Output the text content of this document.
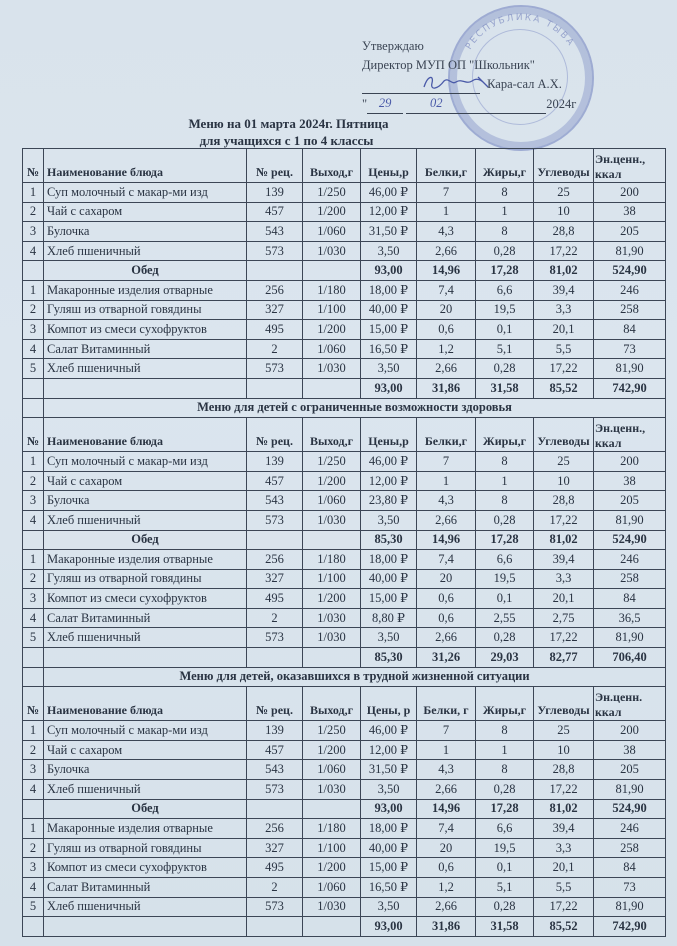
РЕСПУБЛИКА ТЫВА
Утверждаю
Директор МУП ОП "Школьник"
Кара-сал А.Х.
" 29	02	2024г
Меню на 01 марта 2024г. Пятница
для учащихся с 1 по 4 классы
№	Наименование блюда	№ рец.	Выход,г	Цены,р	Белки,г	Жиры,г	Углеводы	Эн.ценн., ккал
1	Суп молочный с макар-ми изд	139	1/250	46,00 ₽	7	8	25	200
2	Чай с сахаром	457	1/200	12,00 ₽	1	1	10	38
3	Булочка	543	1/060	31,50 ₽	4,3	8	28,8	205
4	Хлеб пшеничный	573	1/030	3,50	2,66	0,28	17,22	81,90
	Обед			93,00	14,96	17,28	81,02	524,90
1	Макаронные изделия отварные	256	1/180	18,00 ₽	7,4	6,6	39,4	246
2	Гуляш из отварной говядины	327	1/100	40,00 ₽	20	19,5	3,3	258
3	Компот из смеси сухофруктов	495	1/200	15,00 ₽	0,6	0,1	20,1	84
4	Салат Витаминный	2	1/060	16,50 ₽	1,2	5,1	5,5	73
5	Хлеб пшеничный	573	1/030	3,50	2,66	0,28	17,22	81,90
				93,00	31,86	31,58	85,52	742,90
	Меню для детей с ограниченные возможности здоровья							
№	Наименование блюда	№ рец.	Выход,г	Цены,р	Белки,г	Жиры,г	Углеводы	Эн.ценн., ккал
1	Суп молочный с макар-ми изд	139	1/250	46,00 ₽	7	8	25	200
2	Чай с сахаром	457	1/200	12,00 ₽	1	1	10	38
3	Булочка	543	1/060	23,80 ₽	4,3	8	28,8	205
4	Хлеб пшеничный	573	1/030	3,50	2,66	0,28	17,22	81,90
	Обед			85,30	14,96	17,28	81,02	524,90
1	Макаронные изделия отварные	256	1/180	18,00 ₽	7,4	6,6	39,4	246
2	Гуляш из отварной говядины	327	1/100	40,00 ₽	20	19,5	3,3	258
3	Компот из смеси сухофруктов	495	1/200	15,00 ₽	0,6	0,1	20,1	84
4	Салат Витаминный	2	1/030	8,80 ₽	0,6	2,55	2,75	36,5
5	Хлеб пшеничный	573	1/030	3,50	2,66	0,28	17,22	81,90
				85,30	31,26	29,03	82,77	706,40
	Меню для детей, оказавшихся в трудной жизненной ситуации							
№	Наименование блюда	№ рец.	Выход,г	Цены, р	Белки, г	Жиры,г	Углеводы	Эн.ценн. ккал
1	Суп молочный с макар-ми изд	139	1/250	46,00 ₽	7	8	25	200
2	Чай с сахаром	457	1/200	12,00 ₽	1	1	10	38
3	Булочка	543	1/060	31,50 ₽	4,3	8	28,8	205
4	Хлеб пшеничный	573	1/030	3,50	2,66	0,28	17,22	81,90
	Обед			93,00	14,96	17,28	81,02	524,90
1	Макаронные изделия отварные	256	1/180	18,00 ₽	7,4	6,6	39,4	246
2	Гуляш из отварной говядины	327	1/100	40,00 ₽	20	19,5	3,3	258
3	Компот из смеси сухофруктов	495	1/200	15,00 ₽	0,6	0,1	20,1	84
4	Салат Витаминный	2	1/060	16,50 ₽	1,2	5,1	5,5	73
5	Хлеб пшеничный	573	1/030	3,50	2,66	0,28	17,22	81,90
				93,00	31,86	31,58	85,52	742,90
